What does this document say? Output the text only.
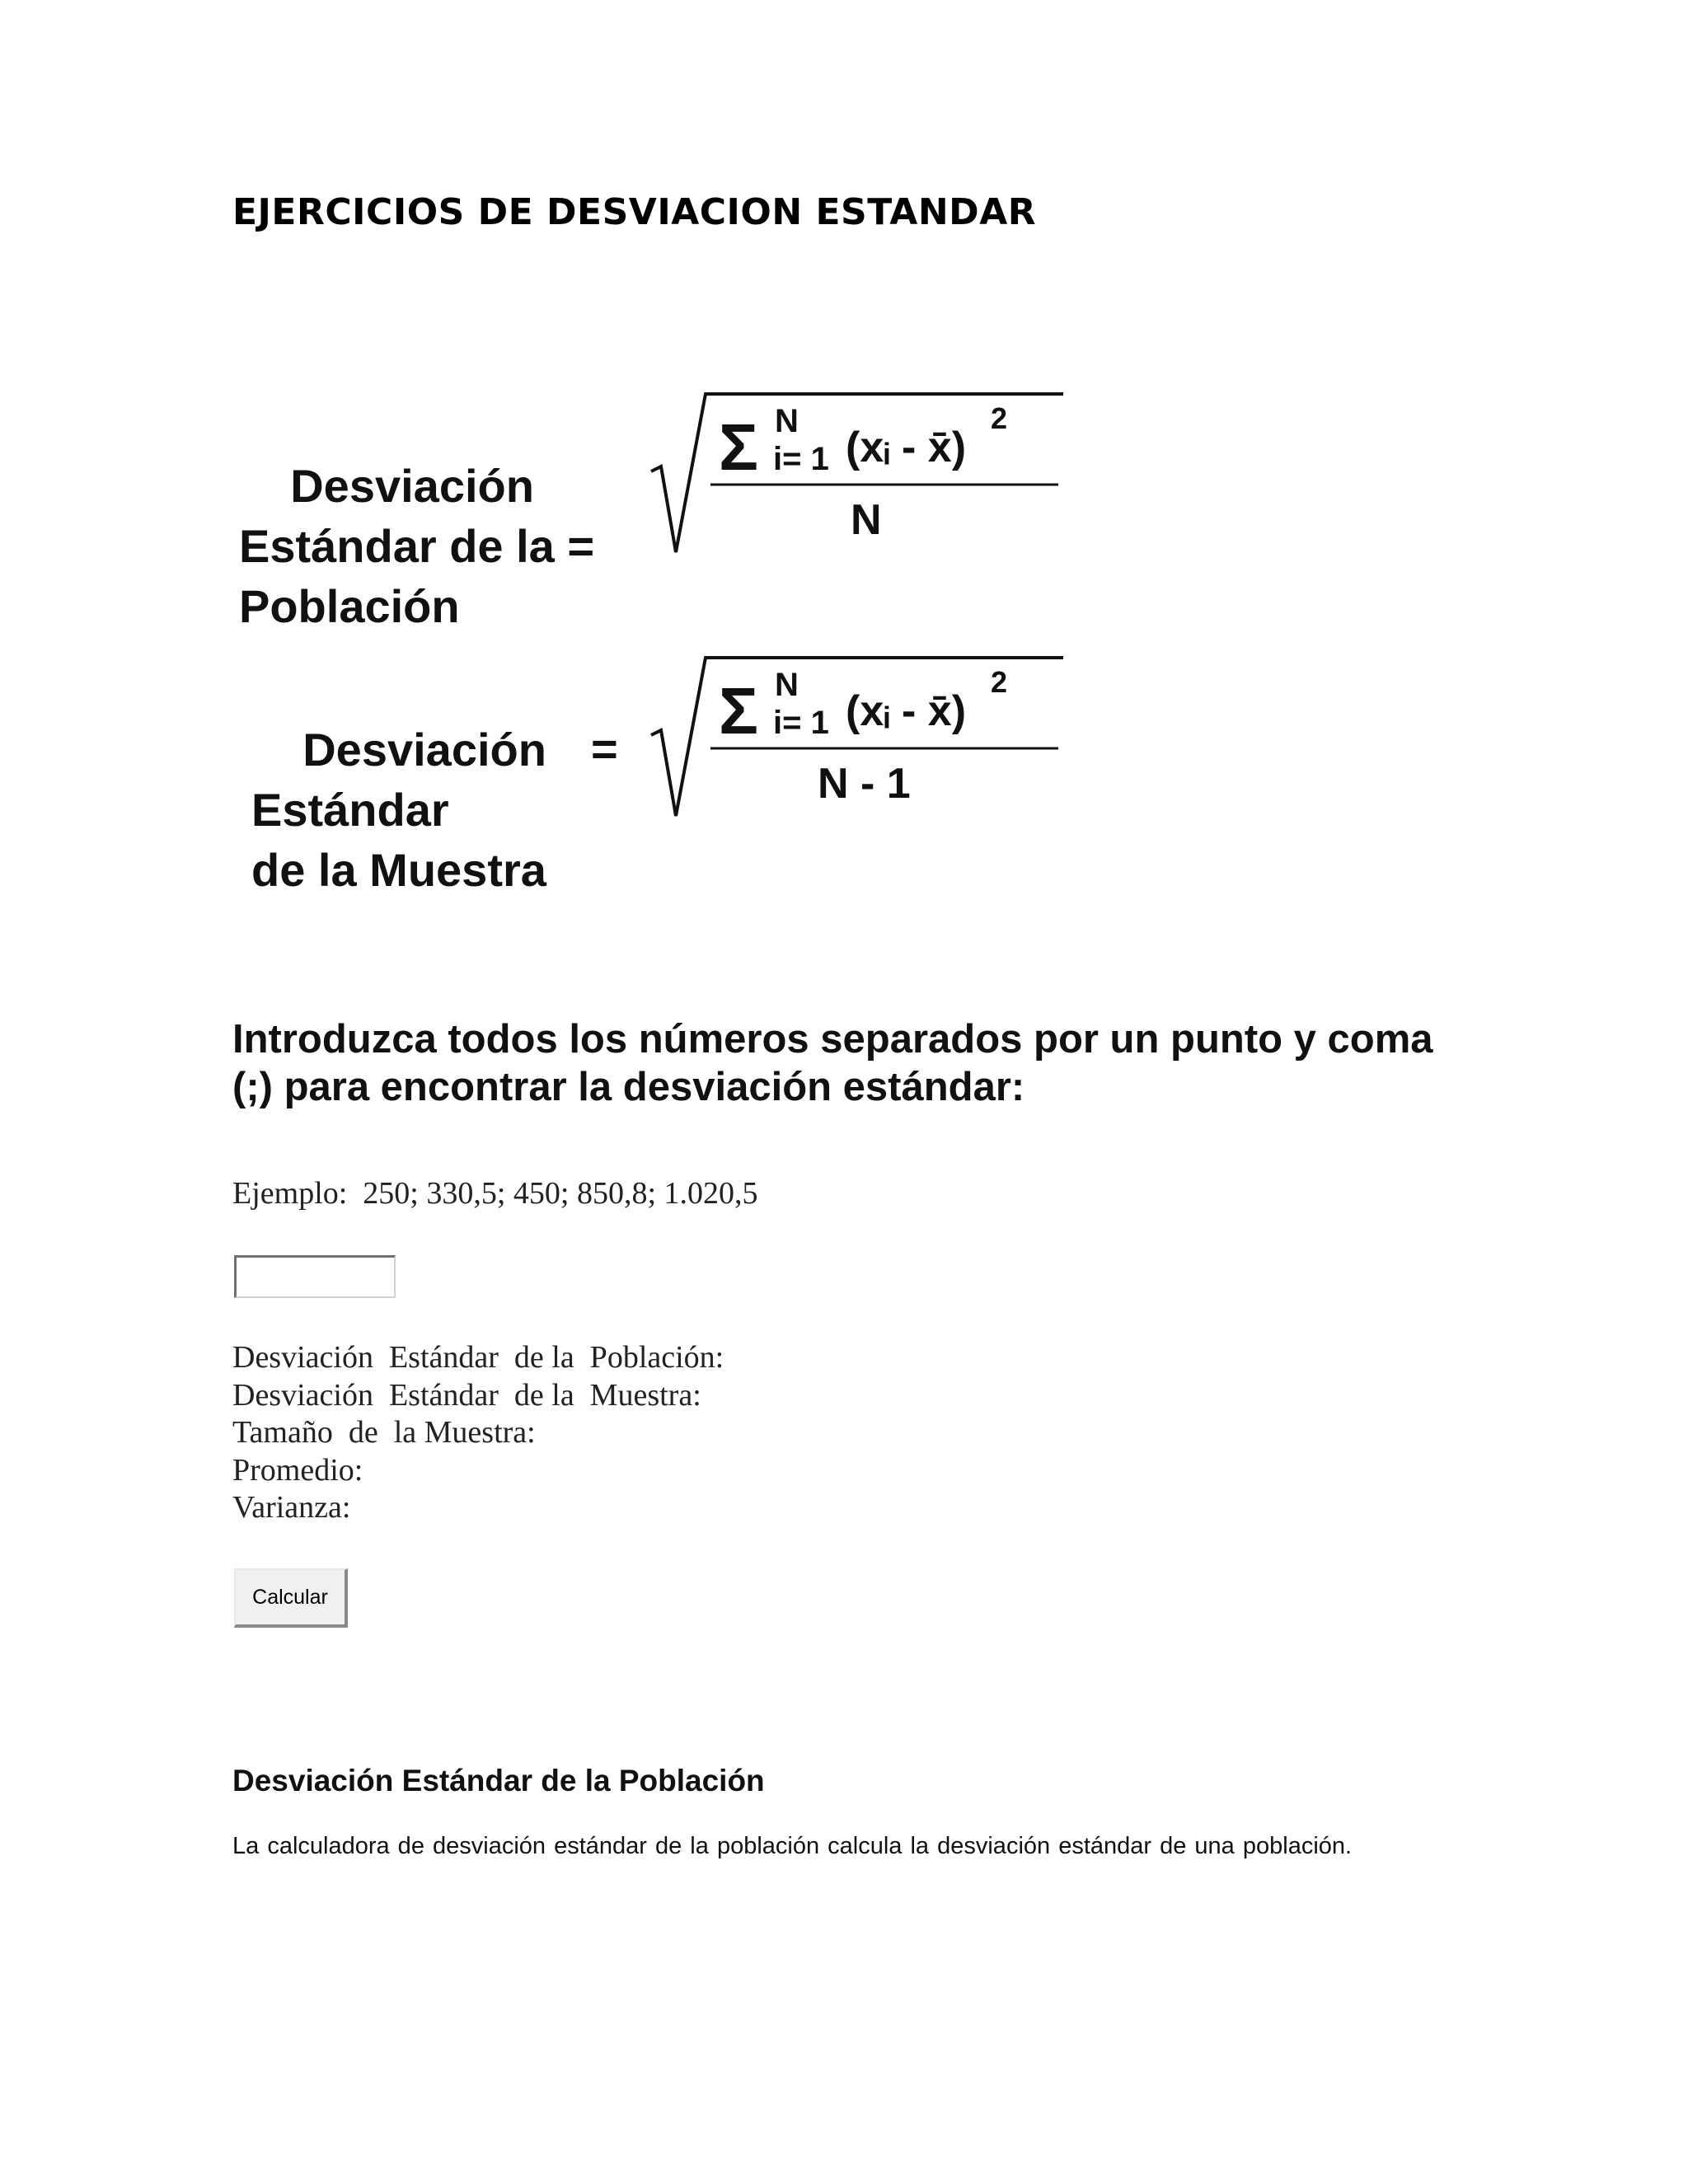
EJERCICIOS DE DESVIACION ESTANDAR

Desviación
Estándar de la =
Población

Σ N
i= 1 (xᵢ - x̄)
2
N

Desviación
Estándar
de la Muestra

=
Σ N
i= 1 (xᵢ - x̄)
2
N - 1
Introduzca todos los números separados por un punto y coma (;) para encontrar la desviación estándar:
Ejemplo:  250; 330,5; 450; 850,8; 1.020,5
Desviación  Estándar  de la  Población:
Desviación  Estándar  de la  Muestra:
Tamaño  de  la Muestra:
Promedio:
Varianza:
Calcular
Desviación Estándar de la Población
La calculadora de desviación estándar de la población calcula la desviación estándar de una población.
